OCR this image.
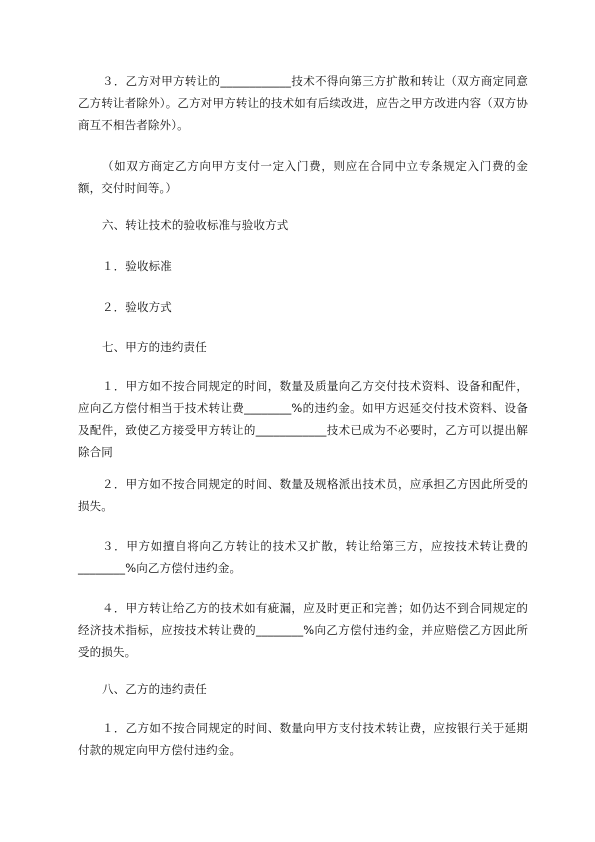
３．乙方对甲方转让的____________技术不得向第三方扩散和转让（双方商定同意乙方转让者除外）。乙方对甲方转让的技术如有后续改进，应告之甲方改进内容（双方协商互不相告者除外）。

（如双方商定乙方向甲方支付一定入门费，则应在合同中立专条规定入门费的金额，交付时间等。）

六、转让技术的验收标准与验收方式

１．验收标准

２．验收方式

七、甲方的违约责任

１．甲方如不按合同规定的时间，数量及质量向乙方交付技术资料、设备和配件，应向乙方偿付相当于技术转让费________%的违约金。如甲方迟延交付技术资料、设备及配件，致使乙方接受甲方转让的____________技术已成为不必要时，乙方可以提出解除合同

２．甲方如不按合同规定的时间、数量及规格派出技术员，应承担乙方因此所受的损失。

３．甲方如擅自将向乙方转让的技术又扩散，转让给第三方，应按技术转让费的________%向乙方偿付违约金。

４．甲方转让给乙方的技术如有疵漏，应及时更正和完善；如仍达不到合同规定的经济技术指标，应按技术转让费的________%向乙方偿付违约金，并应赔偿乙方因此所受的损失。

八、乙方的违约责任

１．乙方如不按合同规定的时间、数量向甲方支付技术转让费，应按银行关于延期付款的规定向甲方偿付违约金。
